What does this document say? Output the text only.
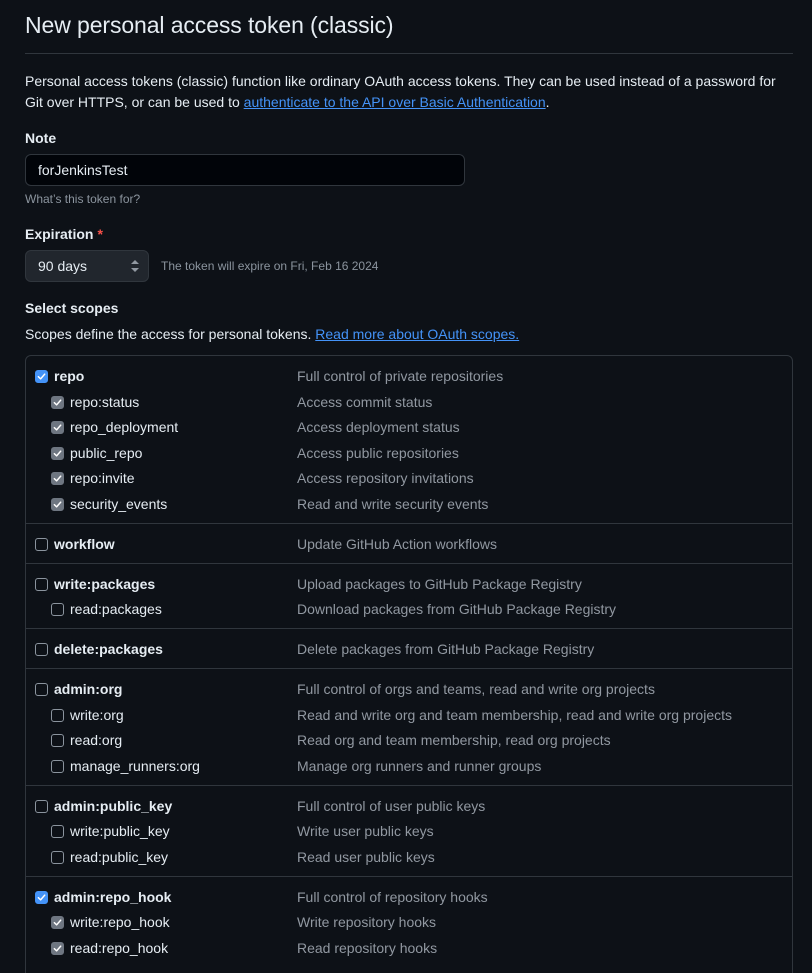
New personal access token (classic)
Personal access tokens (classic) function like ordinary OAuth access tokens. They can be used instead of a password for Git over HTTPS, or can be used to authenticate to the API over Basic Authentication.
Note
forJenkinsTest
What’s this token for?
Expiration *
90 days	The token will expire on Fri, Feb 16 2024
Select scopes
Scopes define the access for personal tokens. Read more about OAuth scopes.
repo	Full control of private repositories
repo:status	Access commit status
repo_deployment	Access deployment status
public_repo	Access public repositories
repo:invite	Access repository invitations
security_events	Read and write security events
workflow	Update GitHub Action workflows
write:packages	Upload packages to GitHub Package Registry
read:packages	Download packages from GitHub Package Registry
delete:packages	Delete packages from GitHub Package Registry
admin:org	Full control of orgs and teams, read and write org projects
write:org	Read and write org and team membership, read and write org projects
read:org	Read org and team membership, read org projects
manage_runners:org	Manage org runners and runner groups
admin:public_key	Full control of user public keys
write:public_key	Write user public keys
read:public_key	Read user public keys
admin:repo_hook	Full control of repository hooks
write:repo_hook	Write repository hooks
read:repo_hook	Read repository hooks
